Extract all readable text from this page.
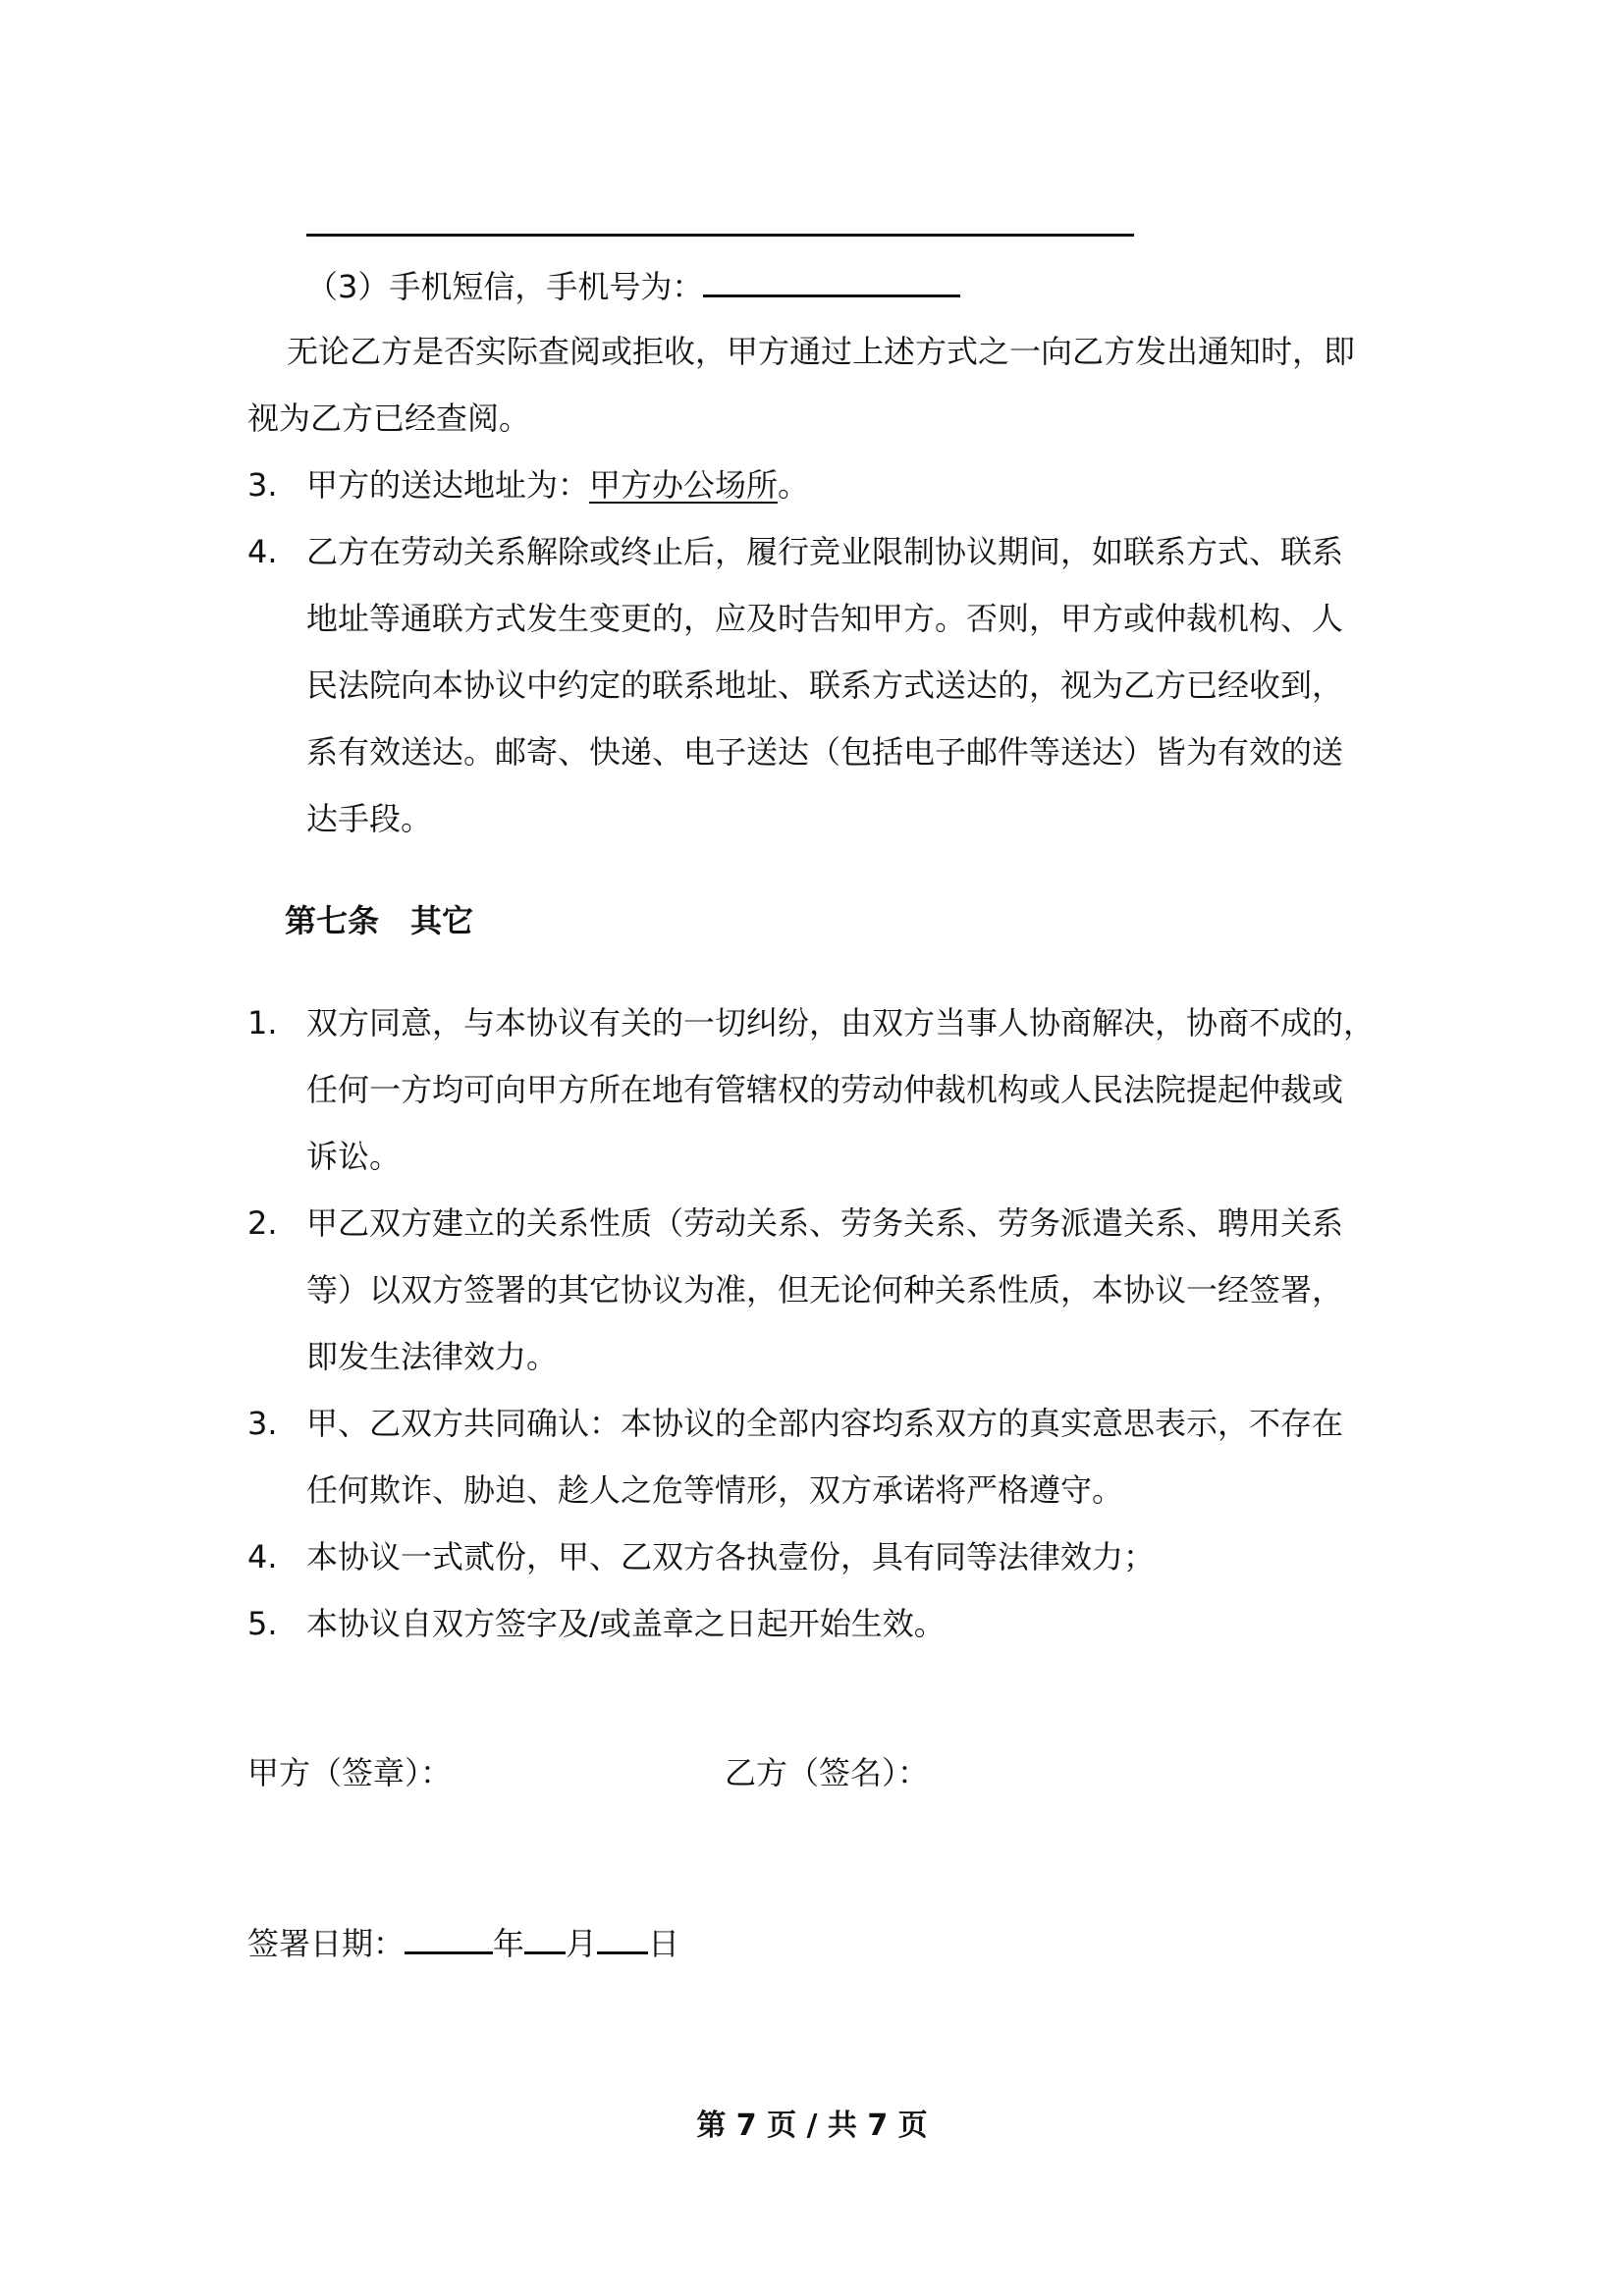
（3）手机短信，手机号为：
无论乙方是否实际查阅或拒收，甲方通过上述方式之一向乙方发出通知时，即
视为乙方已经查阅。
3. 甲方的送达地址为：甲方办公场所。
4. 乙方在劳动关系解除或终止后，履行竞业限制协议期间，如联系方式、联系
地址等通联方式发生变更的，应及时告知甲方。否则，甲方或仲裁机构、人
民法院向本协议中约定的联系地址、联系方式送达的，视为乙方已经收到，
系有效送达。邮寄、快递、电子送达（包括电子邮件等送达）皆为有效的送
达手段。
第七条　其它
1. 双方同意，与本协议有关的一切纠纷，由双方当事人协商解决，协商不成的，
任何一方均可向甲方所在地有管辖权的劳动仲裁机构或人民法院提起仲裁或
诉讼。
2. 甲乙双方建立的关系性质（劳动关系、劳务关系、劳务派遣关系、聘用关系
等）以双方签署的其它协议为准，但无论何种关系性质，本协议一经签署，
即发生法律效力。
3. 甲、乙双方共同确认：本协议的全部内容均系双方的真实意思表示，不存在
任何欺诈、胁迫、趁人之危等情形，双方承诺将严格遵守。
4. 本协议一式贰份，甲、乙双方各执壹份，具有同等法律效力；
5. 本协议自双方签字及/或盖章之日起开始生效。
甲方（签章）：	乙方（签名）：
签署日期：	年 月 日
第 7 页 / 共 7 页
